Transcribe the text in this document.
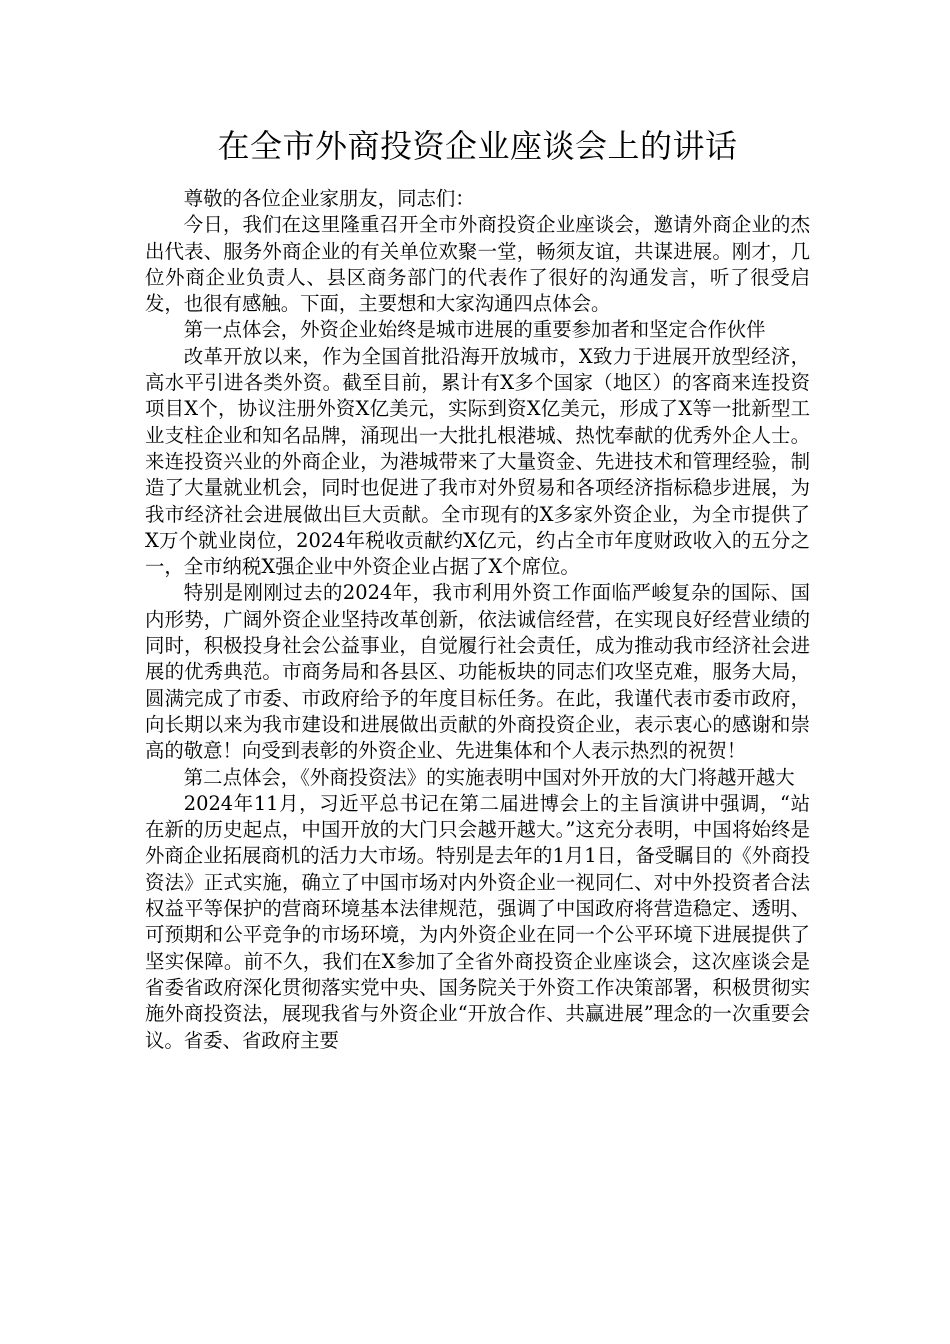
在全市外商投资企业座谈会上的讲话

尊敬的各位企业家朋友，同志们：

今日，我们在这里隆重召开全市外商投资企业座谈会，邀请外商企业的杰出代表、服务外商企业的有关单位欢聚一堂，畅须友谊，共谋进展。刚才，几位外商企业负责人、县区商务部门的代表作了很好的沟通发言，听了很受启发，也很有感触。下面，主要想和大家沟通四点体会。

第一点体会，外资企业始终是城市进展的重要参加者和坚定合作伙伴

改革开放以来，作为全国首批沿海开放城市，X致力于进展开放型经济，高水平引进各类外资。截至目前，累计有X多个国家（地区）的客商来连投资项目X个，协议注册外资X亿美元，实际到资X亿美元，形成了X等一批新型工业支柱企业和知名品牌，涌现出一大批扎根港城、热忱奉献的优秀外企人士。来连投资兴业的外商企业，为港城带来了大量资金、先进技术和管理经验，制造了大量就业机会，同时也促进了我市对外贸易和各项经济指标稳步进展，为我市经济社会进展做出巨大贡献。全市现有的X多家外资企业，为全市提供了X万个就业岗位，2024年税收贡献约X亿元，约占全市年度财政收入的五分之一，全市纳税X强企业中外资企业占据了X个席位。

特别是刚刚过去的2024年，我市利用外资工作面临严峻复杂的国际、国内形势，广阔外资企业坚持改革创新，依法诚信经营，在实现良好经营业绩的同时，积极投身社会公益事业，自觉履行社会责任，成为推动我市经济社会进展的优秀典范。市商务局和各县区、功能板块的同志们攻坚克难，服务大局，圆满完成了市委、市政府给予的年度目标任务。在此，我谨代表市委市政府，向长期以来为我市建设和进展做出贡献的外商投资企业，表示衷心的感谢和崇高的敬意！向受到表彰的外资企业、先进集体和个人表示热烈的祝贺！

第二点体会，《外商投资法》的实施表明中国对外开放的大门将越开越大

2024年11月，习近平总书记在第二届进博会上的主旨演讲中强调，“站在新的历史起点，中国开放的大门只会越开越大。”这充分表明，中国将始终是外商企业拓展商机的活力大市场。特别是去年的1月1日，备受瞩目的《外商投资法》正式实施，确立了中国市场对内外资企业一视同仁、对中外投资者合法权益平等保护的营商环境基本法律规范，强调了中国政府将营造稳定、透明、可预期和公平竞争的市场环境，为内外资企业在同一个公平环境下进展提供了坚实保障。前不久，我们在X参加了全省外商投资企业座谈会，这次座谈会是省委省政府深化贯彻落实党中央、国务院关于外资工作决策部署，积极贯彻实施外商投资法，展现我省与外资企业“开放合作、共赢进展”理念的一次重要会议。省委、省政府主要
